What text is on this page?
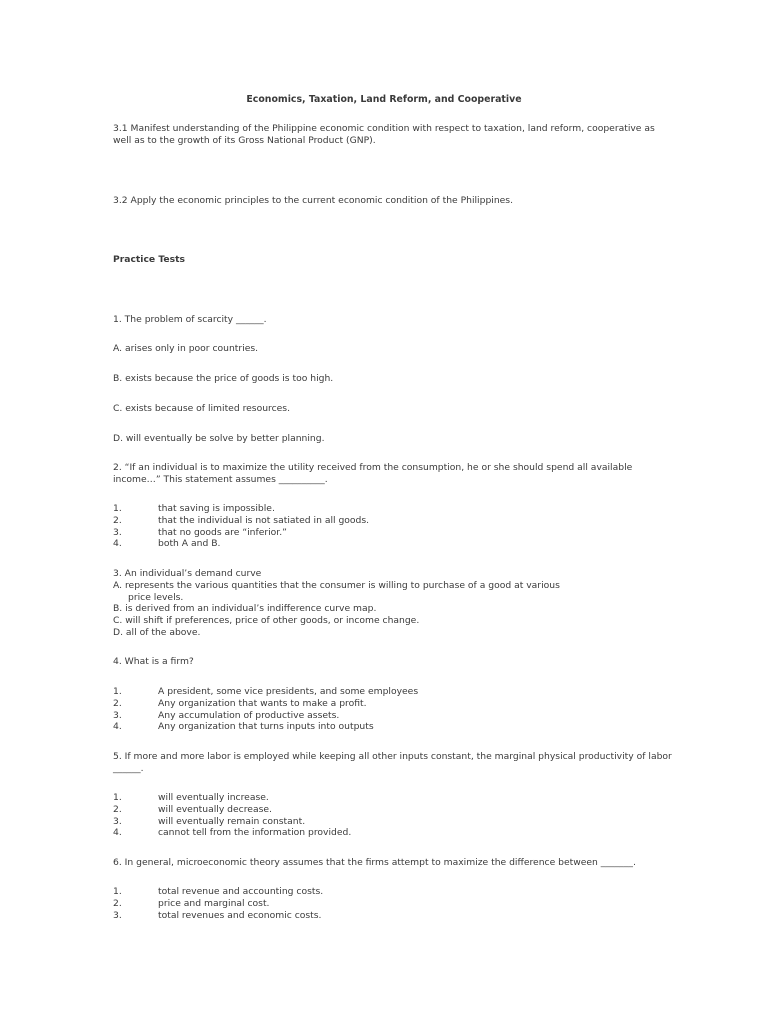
Economics, Taxation, Land Reform, and Cooperative

3.1 Manifest understanding of the Philippine economic condition with respect to taxation, land reform, cooperative as well as to the growth of its Gross National Product (GNP).

3.2 Apply the economic principles to the current economic condition of the Philippines.

Practice Tests

1. The problem of scarcity ______.

A. arises only in poor countries.

B. exists because the price of goods is too high.

C. exists because of limited resources.

D. will eventually be solve by better planning.

2. “If an individual is to maximize the utility received from the consumption, he or she should spend all available
income…” This statement assumes __________.
1.	that saving is impossible.
2.	that the individual is not satiated in all goods.
3.	that no goods are “inferior.”
4.	both A and B.
3. An individual’s demand curve
A. represents the various quantities that the consumer is willing to purchase of a good at various
price levels.
B. is derived from an individual’s indifference curve map.
C. will shift if preferences, price of other goods, or income change.
D. all of the above.

4. What is a firm?

1.	A president, some vice presidents, and some employees
2.	Any organization that wants to make a profit.
3.	Any accumulation of productive assets.
4.	Any organization that turns inputs into outputs
5. If more and more labor is employed while keeping all other inputs constant, the marginal physical productivity of labor
______.
1.	will eventually increase.
2.	will eventually decrease.
3.	will eventually remain constant.
4.	cannot tell from the information provided.

6. In general, microeconomic theory assumes that the firms attempt to maximize the difference between _______.

1.	total revenue and accounting costs.
2.	price and marginal cost.
3.	total revenues and economic costs.
